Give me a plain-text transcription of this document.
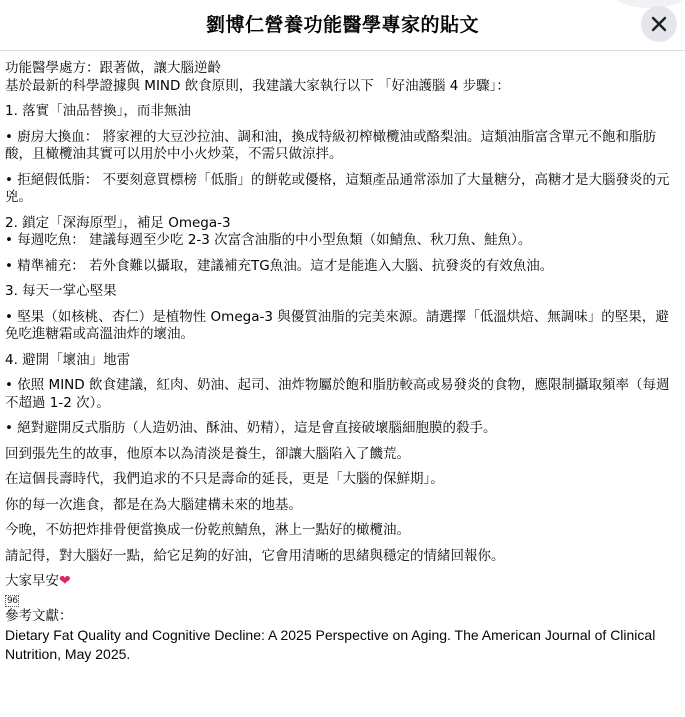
劉博仁營養功能醫學專家的貼文

功能醫學處方：跟著做，讓大腦逆齡

基於最新的科學證據與 MIND 飲食原則，我建議大家執行以下 「好油護腦 4 步驟」：

1. 落實「油品替換」，而非無油

• 廚房大換血： 將家裡的大豆沙拉油、調和油，換成特級初榨橄欖油或酪梨油。這類油脂富含單元不飽和脂肪酸，且橄欖油其實可以用於中小火炒菜，不需只做涼拌。

• 拒絕假低脂： 不要刻意買標榜「低脂」的餅乾或優格，這類產品通常添加了大量糖分，高糖才是大腦發炎的元兇。

2. 鎖定「深海原型」，補足 Omega-3

• 每週吃魚： 建議每週至少吃 2-3 次富含油脂的中小型魚類（如鯖魚、秋刀魚、鮭魚）。

• 精準補充： 若外食難以攝取，建議補充TG魚油。這才是能進入大腦、抗發炎的有效魚油。

3. 每天一掌心堅果

• 堅果（如核桃、杏仁）是植物性 Omega-3 與優質油脂的完美來源。請選擇「低溫烘焙、無調味」的堅果，避免吃進糖霜或高溫油炸的壞油。

4. 避開「壞油」地雷

• 依照 MIND 飲食建議，紅肉、奶油、起司、油炸物屬於飽和脂肪較高或易發炎的食物，應限制攝取頻率（每週不超過 1-2 次）。

• 絕對避開反式脂肪（人造奶油、酥油、奶精），這是會直接破壞腦細胞膜的殺手。

回到張先生的故事，他原本以為清淡是養生，卻讓大腦陷入了饑荒。

在這個長壽時代，我們追求的不只是壽命的延長，更是「大腦的保鮮期」。

你的每一次進食，都是在為大腦建構未來的地基。

今晚，不妨把炸排骨便當換成一份乾煎鯖魚，淋上一點好的橄欖油。

請記得，對大腦好一點，給它足夠的好油，它會用清晰的思緒與穩定的情緒回報你。

大家早安❤

96

參考文獻：

Dietary Fat Quality and Cognitive Decline: A 2025 Perspective on Aging. The American Journal of Clinical Nutrition, May 2025.
